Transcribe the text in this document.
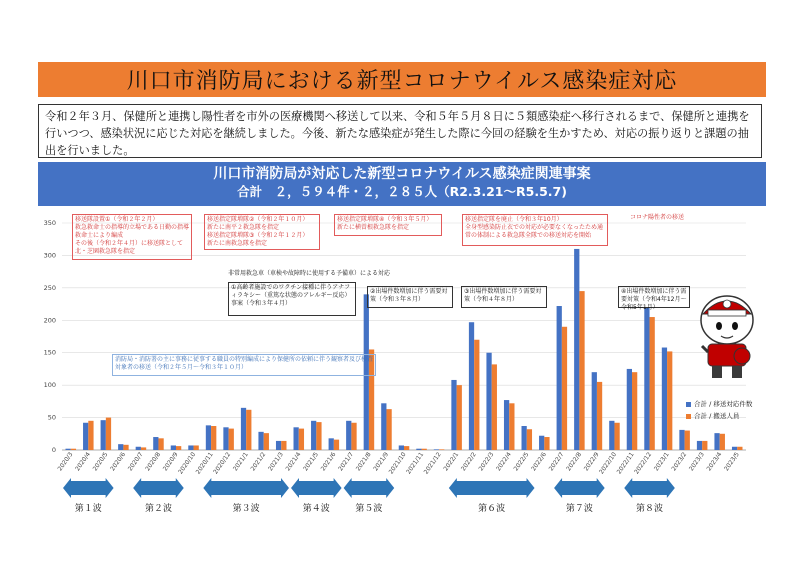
川口市消防局における新型コロナウイルス感染症対応
令和２年３月、保健所と連携し陽性者を市外の医療機関へ移送して以来、令和５年５月８日に５類感染症へ移行されるまで、保健所と連携を行いつつ、感染状況に応じた対応を継続しました。今後、新たな感染症が発生した際に今回の経験を生かすため、対応の振り返りと課題の抽出を行いました。
川口市消防局が対応した新型コロナウイルス感染症関連事案
合計　２，５９４件・２，２８５人（R2.3.21～R5.5.7)
0
50
100
150
200
250
300
350
2020/3 2020/4 2020/5 2020/6 2020/7 2020/8 2020/9
2020/10
2020/11
2020/12 2021/1 2021/2 2021/3 2021/4 2021/5 2021/6 2021/7 2021/8 2021/9
2021/10
2021/11
2021/12 2022/1 2022/2 2022/3 2022/4 2022/5 2022/6 2022/7 2022/8 2022/9
2022/10
2022/11
2022/12 2023/1 2023/2 2023/3 2023/4 2023/5
第１波	第２波	第３波	第４波	第５波	第６波	第７波	第８波
移送隊設置①（令和２年２月）
救急救命士の指導的立場である日勤の指導救命士により編成
その後（令和２年４月）に移送隊として北・芝園救急隊を指定
移送指定隊増隊②（令和２年１０月）
新たに南平２救急隊を指定
移送指定隊増隊③（令和２年１２月）
新たに南救急隊を指定
移送指定隊増隊④（令和３年５月）
新たに横曽根救急隊を指定
移送指定隊を廃止（令和３年10月）
全身型感染防止衣での対応が必要なくなったため通常の体制による救急隊全隊での移送対応を開始
コロナ陽性者の移送
非常用救急車（車検や故障時に使用する予備車）による対応
①高齢者施設でのワクチン接種に伴うアナフィラキシー（重篤な状態のアレルギー反応）事案（令和３年４月）
②出場件数増加に伴う需要対策（令和３年８月）
③出場件数増加に伴う需要対策（令和４年８月）
④出場件数増加に伴う需要対策（令和4年12月～令和5年1月）
消防局・消防署の主に事務に従事する職員の特別編成により保健所の依頼に伴う観察者及び検査対象者の移送（令和２年５月～令和３年１０月）
合計 / 移送対応件数
合計 / 搬送人員
